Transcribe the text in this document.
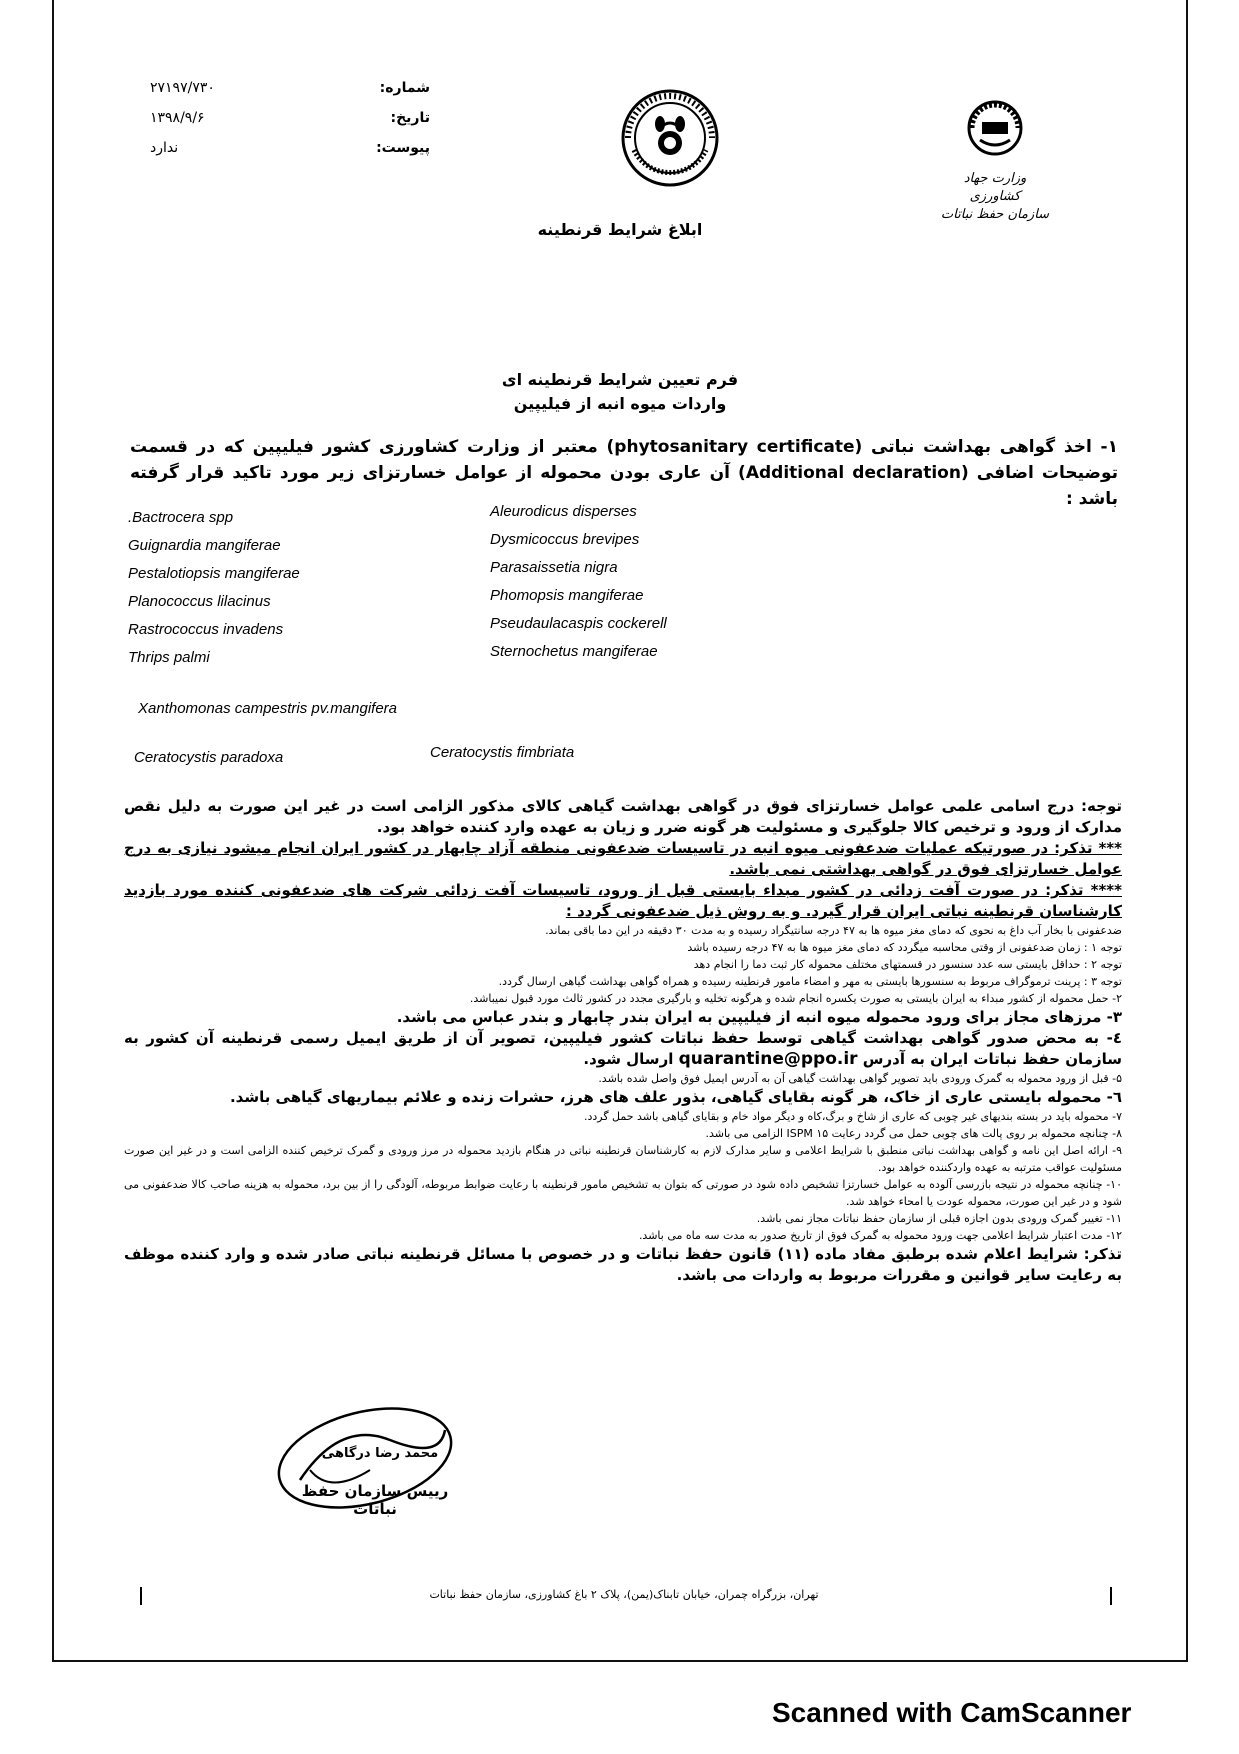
شماره:
۲۷۱۹۷/۷۳۰
تاریخ:
۱۳۹۸/۹/۶
پیوست:
ندارد
وزارت جهاد کشاورزی
سازمان حفظ نباتات
ابلاغ شرایط قرنطینه
فرم تعیین شرایط قرنطینه ای
واردات میوه انبه از فیلیپین
۱- اخذ گواهی بهداشت نباتی (phytosanitary certificate) معتبر از وزارت کشاورزی کشور فیلیپین که در قسمت توضیحات اضافی (Additional declaration) آن عاری بودن محموله از عوامل خسارتزای زیر مورد تاکید قرار گرفته باشد :
.Bactrocera spp
Guignardia mangiferae
Pestalotiopsis mangiferae
Planococcus lilacinus
Rastrococcus invadens
Thrips palmi
Aleurodicus disperses
Dysmicoccus brevipes
Parasaissetia nigra
Phomopsis mangiferae
Pseudaulacaspis cockerell
Sternochetus mangiferae
Xanthomonas campestris pv.mangifera
Ceratocystis paradoxa	Ceratocystis fimbriata

توجه: درج اسامی علمی عوامل خسارتزای فوق در گواهی بهداشت گیاهی کالای مذکور الزامی است در غیر این صورت به دلیل نقص مدارک از ورود و ترخیص کالا جلوگیری و مسئولیت هر گونه ضرر و زیان به عهده وارد کننده خواهد بود.

*** تذکر: در صورتیکه عملیات ضدعفونی میوه انبه در تاسیسات ضدعفونی منطقه آزاد چابهار در کشور ایران انجام میشود نیازی به درج عوامل خسارتزای فوق در گواهی بهداشتی نمی باشد.

**** تذکر: در صورت آفت زدائی در کشور مبداء بایستی قبل از ورود، تاسیسات آفت زدائی شرکت های ضدعفونی کننده مورد بازدید کارشناسان قرنطینه نباتی ایران قرار گیرد. و به روش ذیل ضدعفونی گردد :

ضدعفونی با بخار آب داغ به نحوی که دمای مغز میوه ها به ۴۷ درجه سانتیگراد رسیده و به مدت ۳۰ دقیقه در این دما باقی بماند.

توجه ۱ : زمان ضدعفونی از وقتی محاسبه میگردد که دمای مغز میوه ها به ۴۷ درجه رسیده باشد

توجه ۲ : حداقل بایستی سه عدد سنسور در قسمتهای مختلف محموله کار ثبت دما را انجام دهد

توجه ۳ : پرینت ترموگراف مربوط به سنسورها بایستی به مهر و امضاء مامور قرنطینه رسیده و همراه گواهی بهداشت گیاهی ارسال گردد.

۲- حمل محموله از کشور مبداء به ایران بایستی به صورت یکسره انجام شده و هرگونه تخلیه و بارگیری مجدد در کشور ثالث مورد قبول نمیباشد.

۳- مرزهای مجاز برای ورود محموله میوه انبه از فیلیپین به ایران بندر چابهار و بندر عباس می باشد.

٤- به محض صدور گواهی بهداشت گیاهی توسط حفظ نباتات کشور فیلیپین، تصویر آن از طریق ایمیل رسمی قرنطینه آن کشور به سازمان حفظ نباتات ایران به آدرس quarantine@ppo.ir ارسال شود.

۵- قبل از ورود محموله به گمرک ورودی باید تصویر گواهی بهداشت گیاهی آن به آدرس ایمیل فوق واصل شده باشد.

٦- محموله بایستی عاری از خاک، هر گونه بقایای گیاهی، بذور علف های هرز، حشرات زنده و علائم بیماریهای گیاهی باشد.

۷- محموله باید در بسته بندیهای غیر چوبی که عاری از شاخ و برگ،کاه و دیگر مواد خام و بقایای گیاهی باشد حمل گردد.

۸- چنانچه محموله بر روی پالت های چوبی حمل می گردد رعایت ISPM ۱۵ الزامی می باشد.

۹- ارائه اصل این نامه و گواهی بهداشت نباتی منطبق با شرایط اعلامی و سایر مدارک لازم به کارشناسان قرنطینه نباتی در هنگام بازدید محموله در مرز ورودی و گمرک ترخیص کننده الزامی است و در غیر این صورت مسئولیت عواقب مترتبه به عهده واردکننده خواهد بود.

۱۰- چنانچه محموله در نتیجه بازرسی آلوده به عوامل خسارتزا تشخیص داده شود در صورتی که بتوان به تشخیص مامور قرنطینه با رعایت ضوابط مربوطه، آلودگی را از بین برد، محموله به هزینه صاحب کالا ضدعفونی می شود و در غیر این صورت، محموله عودت یا امحاء خواهد شد.

۱۱- تغییر گمرک ورودی بدون اجازه قبلی از سازمان حفظ نباتات مجاز نمی باشد.

۱۲- مدت اعتبار شرایط اعلامی جهت ورود محموله به گمرک فوق از تاریخ صدور به مدت سه ماه می باشد.

تذکر: شرایط اعلام شده برطبق مفاد ماده (۱۱) قانون حفظ نباتات و در خصوص با مسائل قرنطینه نباتی صادر شده و وارد کننده موظف به رعایت سایر قوانین و مقررات مربوط به واردات می باشد.

محمد رضا درگاهی
رییس سازمان حفظ نباتات
تهران، بزرگراه چمران، خیابان تابناک(یمن)، پلاک ۲ باغ کشاورزی، سازمان حفظ نباتات
Scanned with CamScanner
